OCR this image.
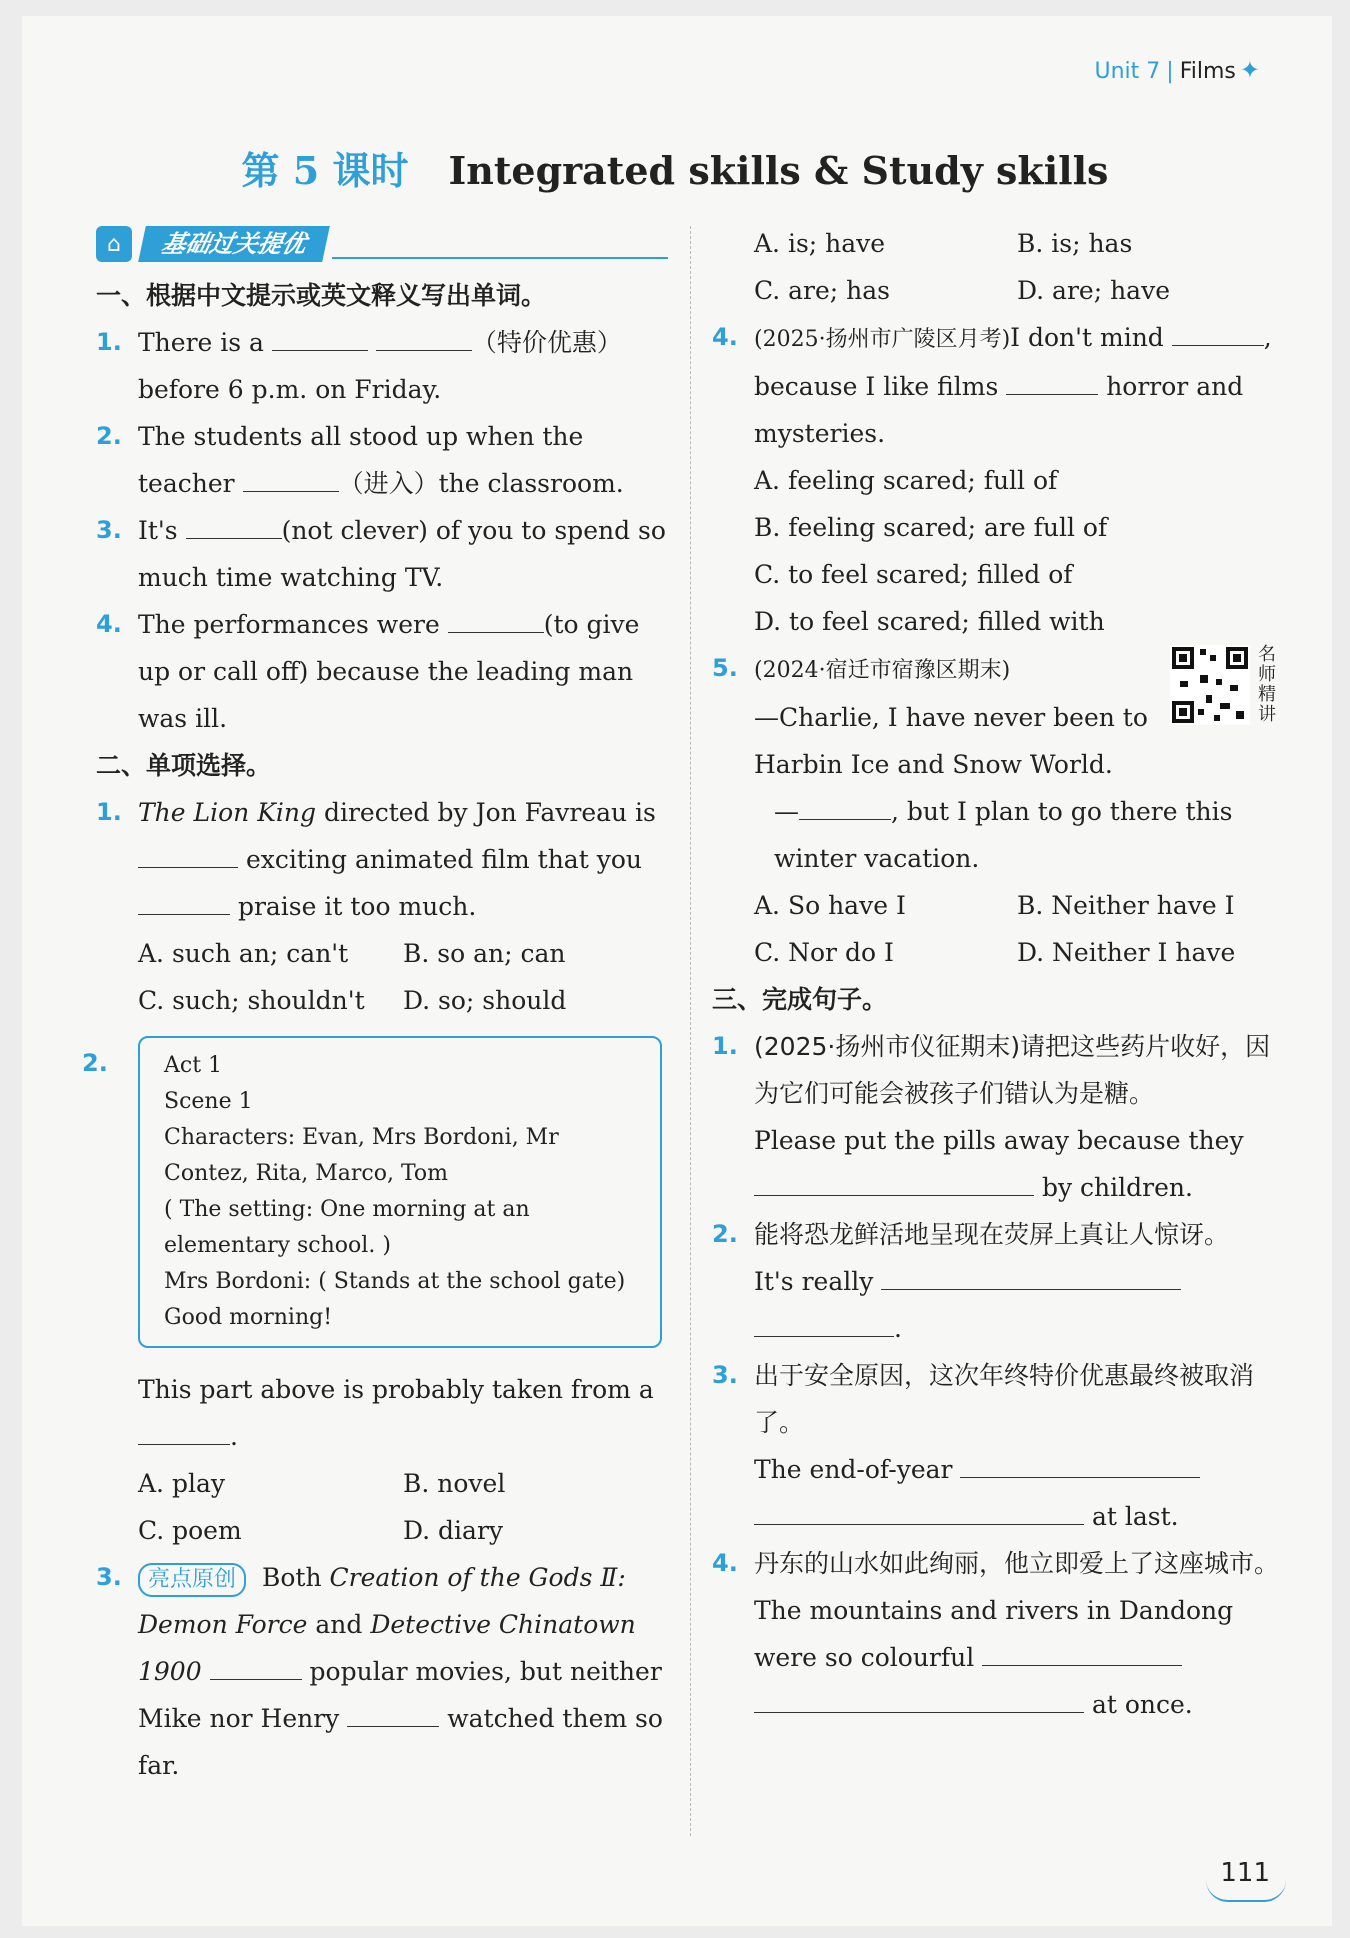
Unit 7 | Films ✦
第 5 课时 Integrated skills & Study skills
⌂	基础过关提优
一、根据中文提示或英文释义写出单词。
1. There is a	（特价优惠）before 6 p.m. on Friday.
2. The students all stood up when the teacher	（进入）the classroom.
3. It's	(not clever) of you to spend so much time watching TV.
4. The performances were	(to give up or call off) because the leading man was ill.
二、单项选择。
1. The Lion King directed by Jon Favreau is  exciting animated film that you  praise it too much.
A. such an; can't	B. so an; can
C. such; shouldn't	D. so; should
2.	Act 1
Scene 1
Characters: Evan, Mrs Bordoni, Mr Contez, Rita, Marco, Tom
( The setting: One morning at an elementary school. )
Mrs Bordoni: ( Stands at the school gate) Good morning!
This part above is probably taken from a .
A. play	B. novel
C. poem	D. diary
3. 亮点原创 Both Creation of the Gods Ⅱ: Demon Force and Detective Chinatown 1900	popular movies, but neither Mike nor Henry	watched them so far.
A. is; have	B. is; has
C. are; has	D. are; have
4. (2025·扬州市广陵区月考)I don't mind	, because I like films	horror and mysteries.
A. feeling scared; full of
B. feeling scared; are full of
C. to feel scared; filled of
D. to feel scared; filled with
5. (2024·宿迁市宿豫区期末)
名师精讲
—Charlie, I have never been to Harbin Ice and Snow World.
—	, but I plan to go there this winter vacation.
A. So have I	B. Neither have I
C. Nor do I	D. Neither I have
三、完成句子。
1. (2025·扬州市仪征期末)请把这些药片收好，因为它们可能会被孩子们错认为是糖。
Please put the pills away because they
by children.
2. 能将恐龙鲜活地呈现在荧屏上真让人惊讶。
It's really
.
3. 出于安全原因，这次年终特价优惠最终被取消了。
The end-of-year
at last.
4. 丹东的山水如此绚丽，他立即爱上了这座城市。
The mountains and rivers in Dandong were so colourful
at once.
111
